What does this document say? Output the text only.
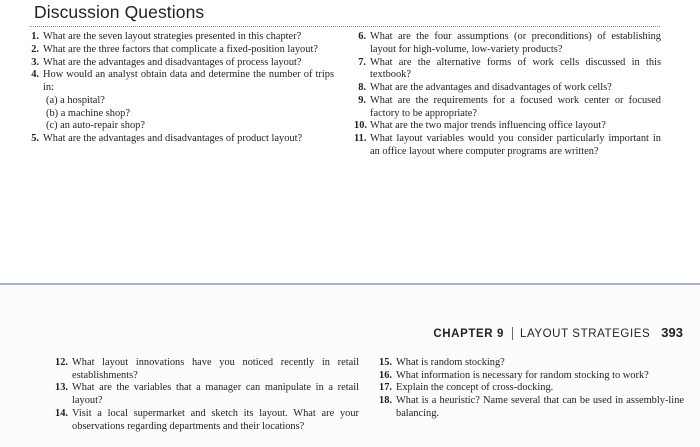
Discussion Questions
1. What are the seven layout strategies presented in this chapter?
2. What are the three factors that complicate a fixed-position layout?
3. What are the advantages and disadvantages of process layout?
4. How would an analyst obtain data and determine the number of trips in:
(a) a hospital?
(b) a machine shop?
(c) an auto-repair shop?
5. What are the advantages and disadvantages of product layout?
6. What are the four assumptions (or preconditions) of establishing layout for high-volume, low-variety products?
7. What are the alternative forms of work cells discussed in this textbook?
8. What are the advantages and disadvantages of work cells?
9. What are the requirements for a focused work center or focused factory to be appropriate?
10. What are the two major trends influencing office layout?
11. What layout variables would you consider particularly important in an office layout where computer programs are written?
CHAPTER 9 LAYOUT STRATEGIES 393
12. What layout innovations have you noticed recently in retail establishments?
13. What are the variables that a manager can manipulate in a retail layout?
14. Visit a local supermarket and sketch its layout. What are your observations regarding departments and their locations?
15. What is random stocking?
16. What information is necessary for random stocking to work?
17. Explain the concept of cross-docking.
18. What is a heuristic? Name several that can be used in assembly-line balancing.
